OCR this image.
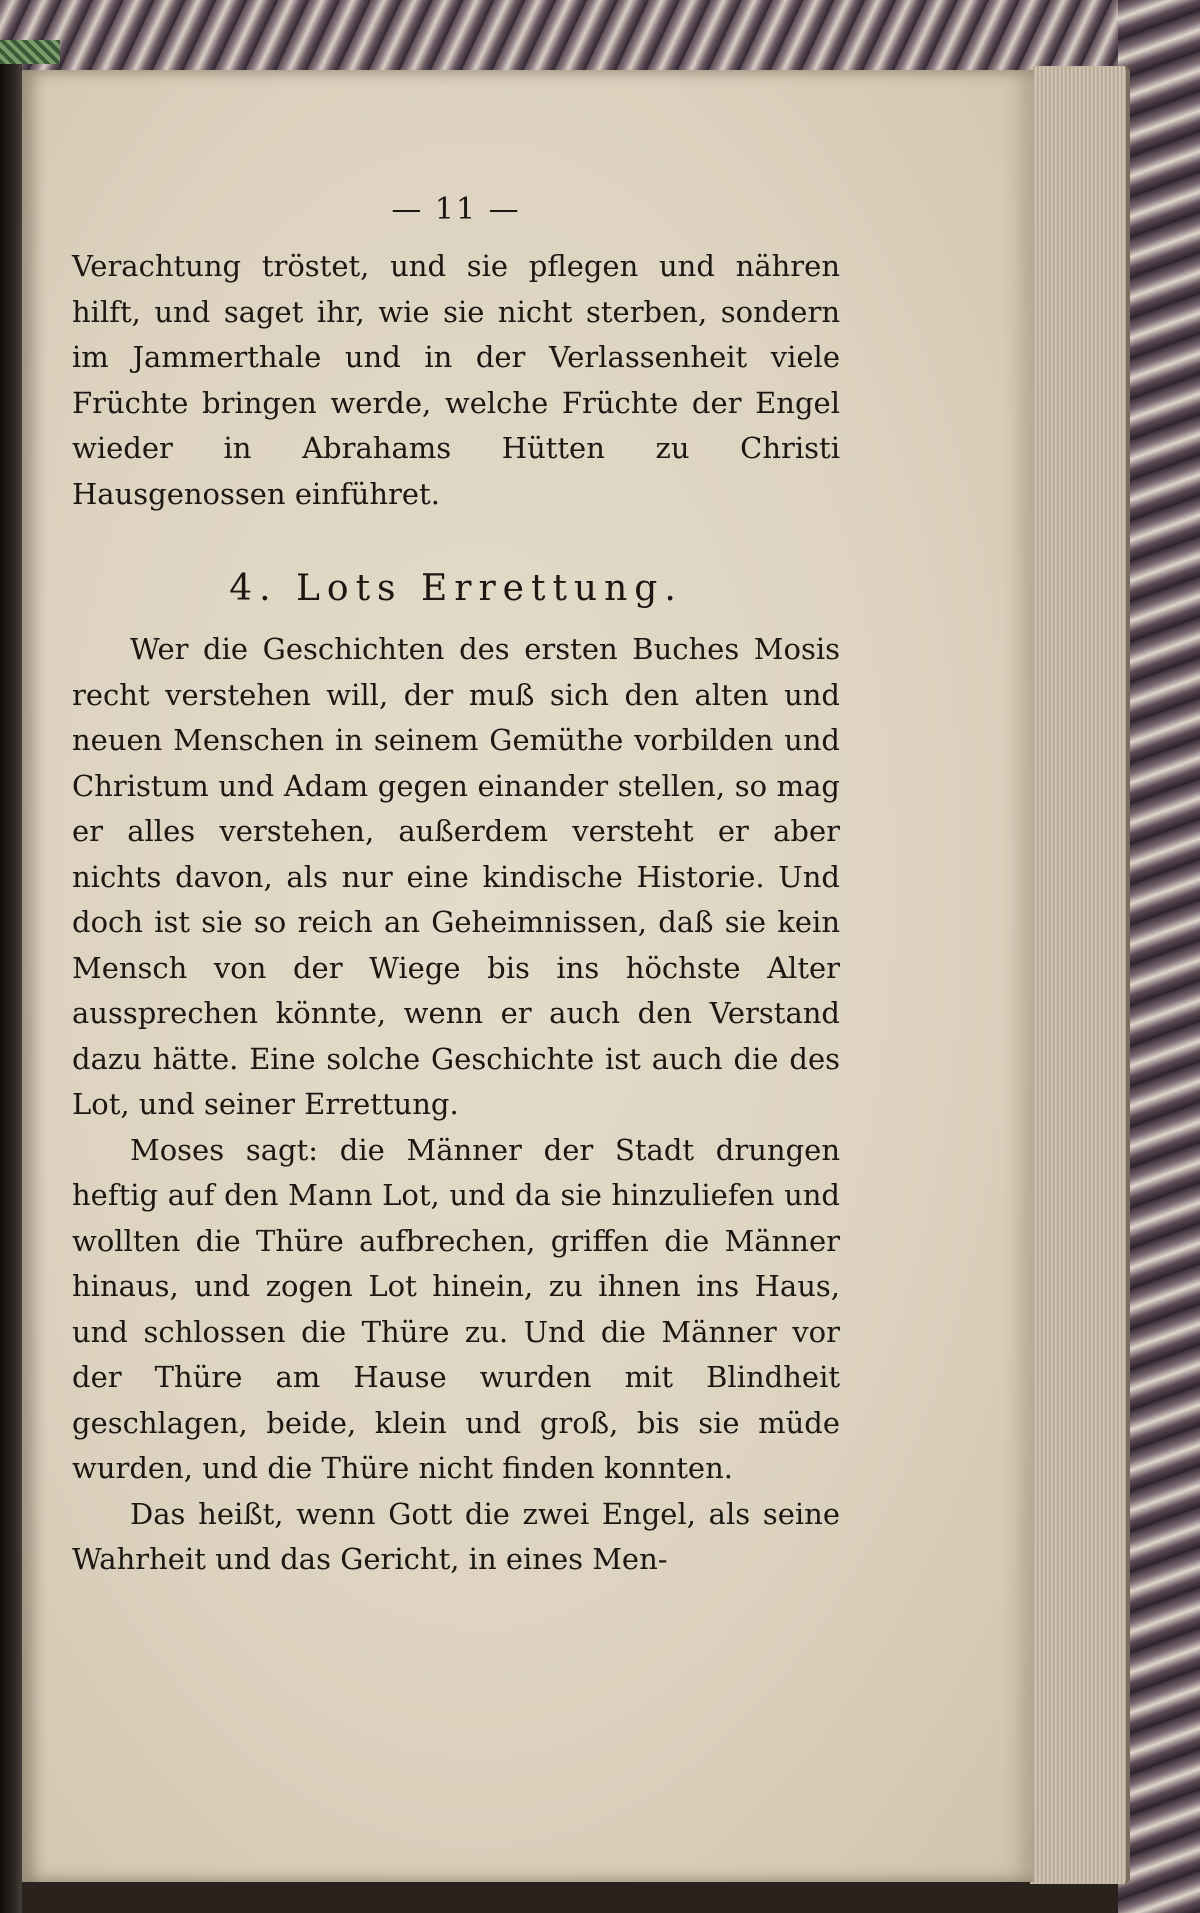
— 11 —

Verachtung tröstet, und sie pflegen und nähren hilft, und saget ihr, wie sie nicht sterben, sondern im Jammerthale und in der Verlassenheit viele Früchte bringen werde, welche Früchte der Engel wieder in Abrahams Hütten zu Christi Hausgenossen einführet.

4. Lots Errettung.

Wer die Geschichten des ersten Buches Mosis recht verstehen will, der muß sich den alten und neuen Menschen in seinem Gemüthe vorbilden und Christum und Adam gegen einander stellen, so mag er alles verstehen, außerdem versteht er aber nichts davon, als nur eine kindische Historie. Und doch ist sie so reich an Geheimnissen, daß sie kein Mensch von der Wiege bis ins höchste Alter aussprechen könnte, wenn er auch den Verstand dazu hätte. Eine solche Geschichte ist auch die des Lot, und seiner Errettung.

Moses sagt: die Männer der Stadt drungen heftig auf den Mann Lot, und da sie hinzuliefen und wollten die Thüre aufbrechen, griffen die Männer hinaus, und zogen Lot hinein, zu ihnen ins Haus, und schlossen die Thüre zu. Und die Männer vor der Thüre am Hause wurden mit Blindheit geschlagen, beide, klein und groß, bis sie müde wurden, und die Thüre nicht finden konnten.

Das heißt, wenn Gott die zwei Engel, als seine Wahrheit und das Gericht, in eines Men-
